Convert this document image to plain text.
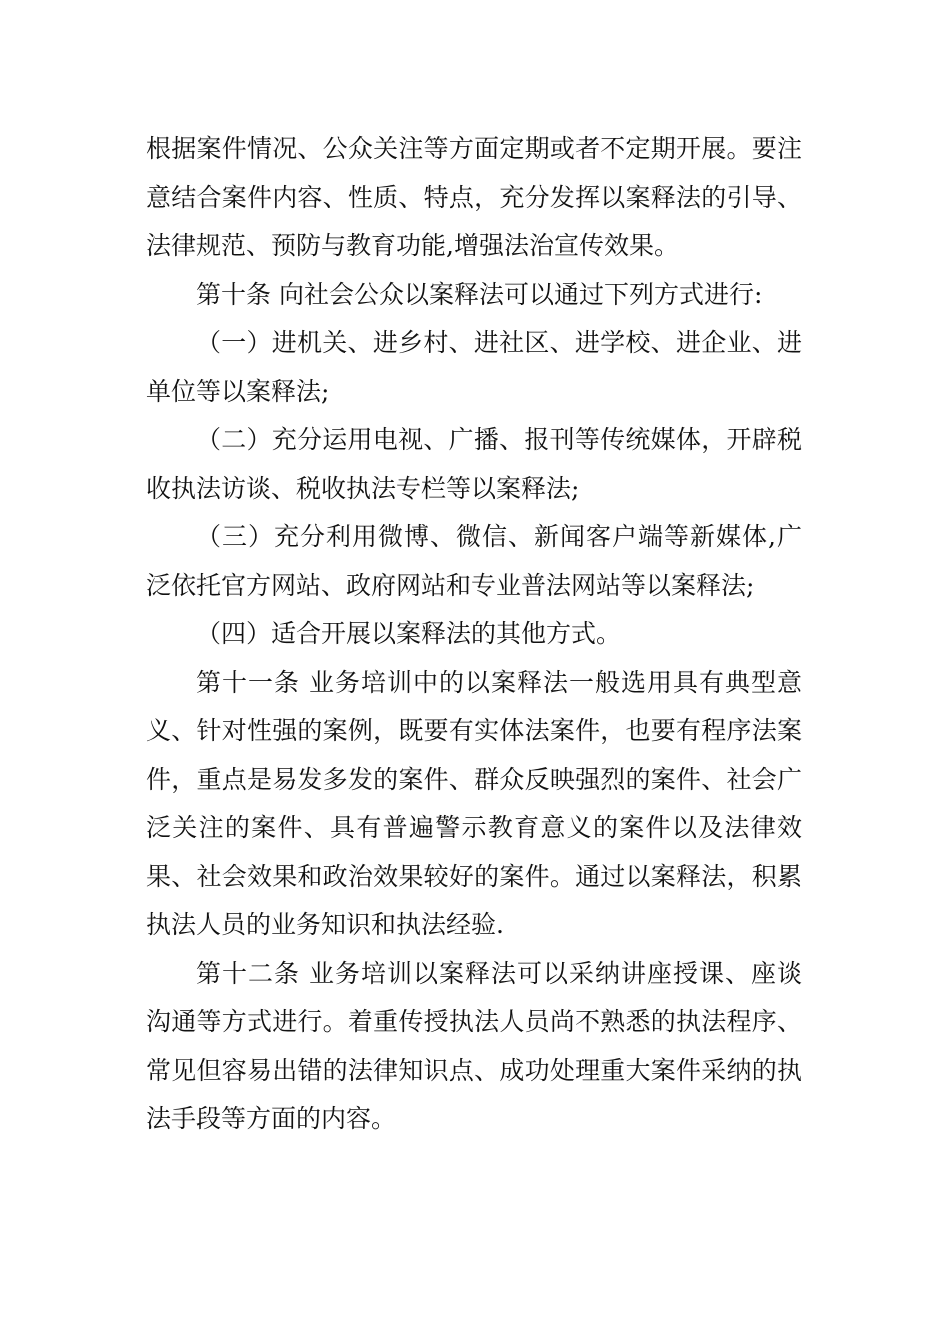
根据案件情况、公众关注等方面定期或者不定期开展。要注意结合案件内容、性质、特点，充分发挥以案释法的引导、法律规范、预防与教育功能,增强法治宣传效果。

第十条 向社会公众以案释法可以通过下列方式进行:

（一）进机关、进乡村、进社区、进学校、进企业、进单位等以案释法;

（二）充分运用电视、广播、报刊等传统媒体，开辟税收执法访谈、税收执法专栏等以案释法;

（三）充分利用微博、微信、新闻客户端等新媒体,广泛依托官方网站、政府网站和专业普法网站等以案释法;

（四）适合开展以案释法的其他方式。

第十一条 业务培训中的以案释法一般选用具有典型意义、针对性强的案例，既要有实体法案件，也要有程序法案件，重点是易发多发的案件、群众反映强烈的案件、社会广泛关注的案件、具有普遍警示教育意义的案件以及法律效果、社会效果和政治效果较好的案件。通过以案释法，积累执法人员的业务知识和执法经验.

第十二条 业务培训以案释法可以采纳讲座授课、座谈沟通等方式进行。着重传授执法人员尚不熟悉的执法程序、常见但容易出错的法律知识点、成功处理重大案件采纳的执法手段等方面的内容。
